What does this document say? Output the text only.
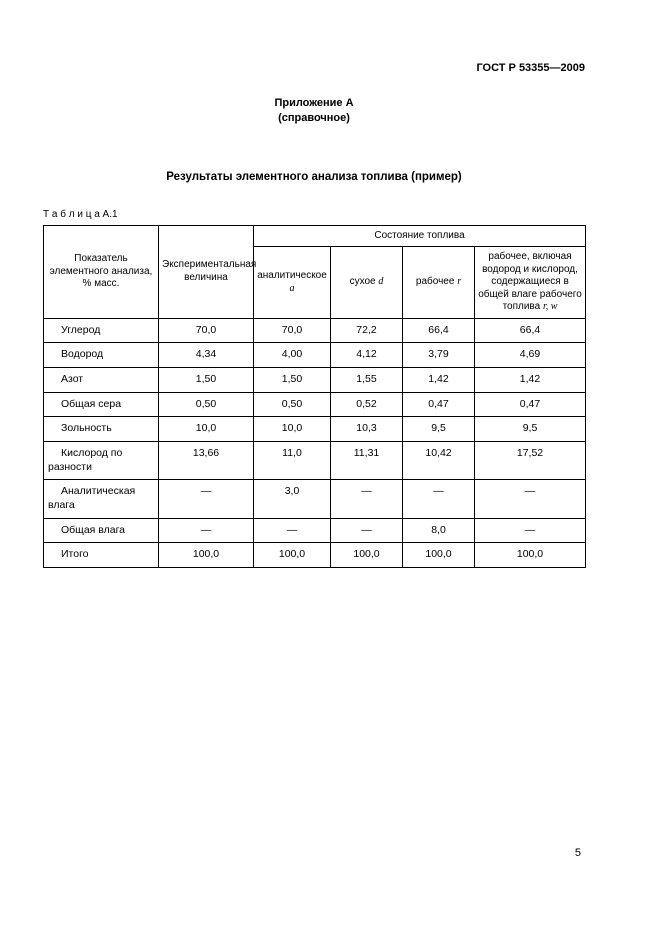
ГОСТ Р 53355—2009
Приложение А
(справочное)
Результаты элементного анализа топлива (пример)
Т а б л и ц а А.1
Показатель элементного анализа, % масс.	Экспериментальная величина	Состояние топлива			
		аналитическое а	сухое d	рабочее r	рабочее, включая водород и кислород, содержащиеся в общей влаге рабочего топлива r, w
Углерод	70,0	70,0	72,2	66,4	66,4
Водород	4,34	4,00	4,12	3,79	4,69
Азот	1,50	1,50	1,55	1,42	1,42
Общая сера	0,50	0,50	0,52	0,47	0,47
Зольность	10,0	10,0	10,3	9,5	9,5
Кислород по разности	13,66	11,0	11,31	10,42	17,52
Аналитическая влага	—	3,0	—	—	—
Общая влага	—	—	—	8,0	—
Итого	100,0	100,0	100,0	100,0	100,0
5
